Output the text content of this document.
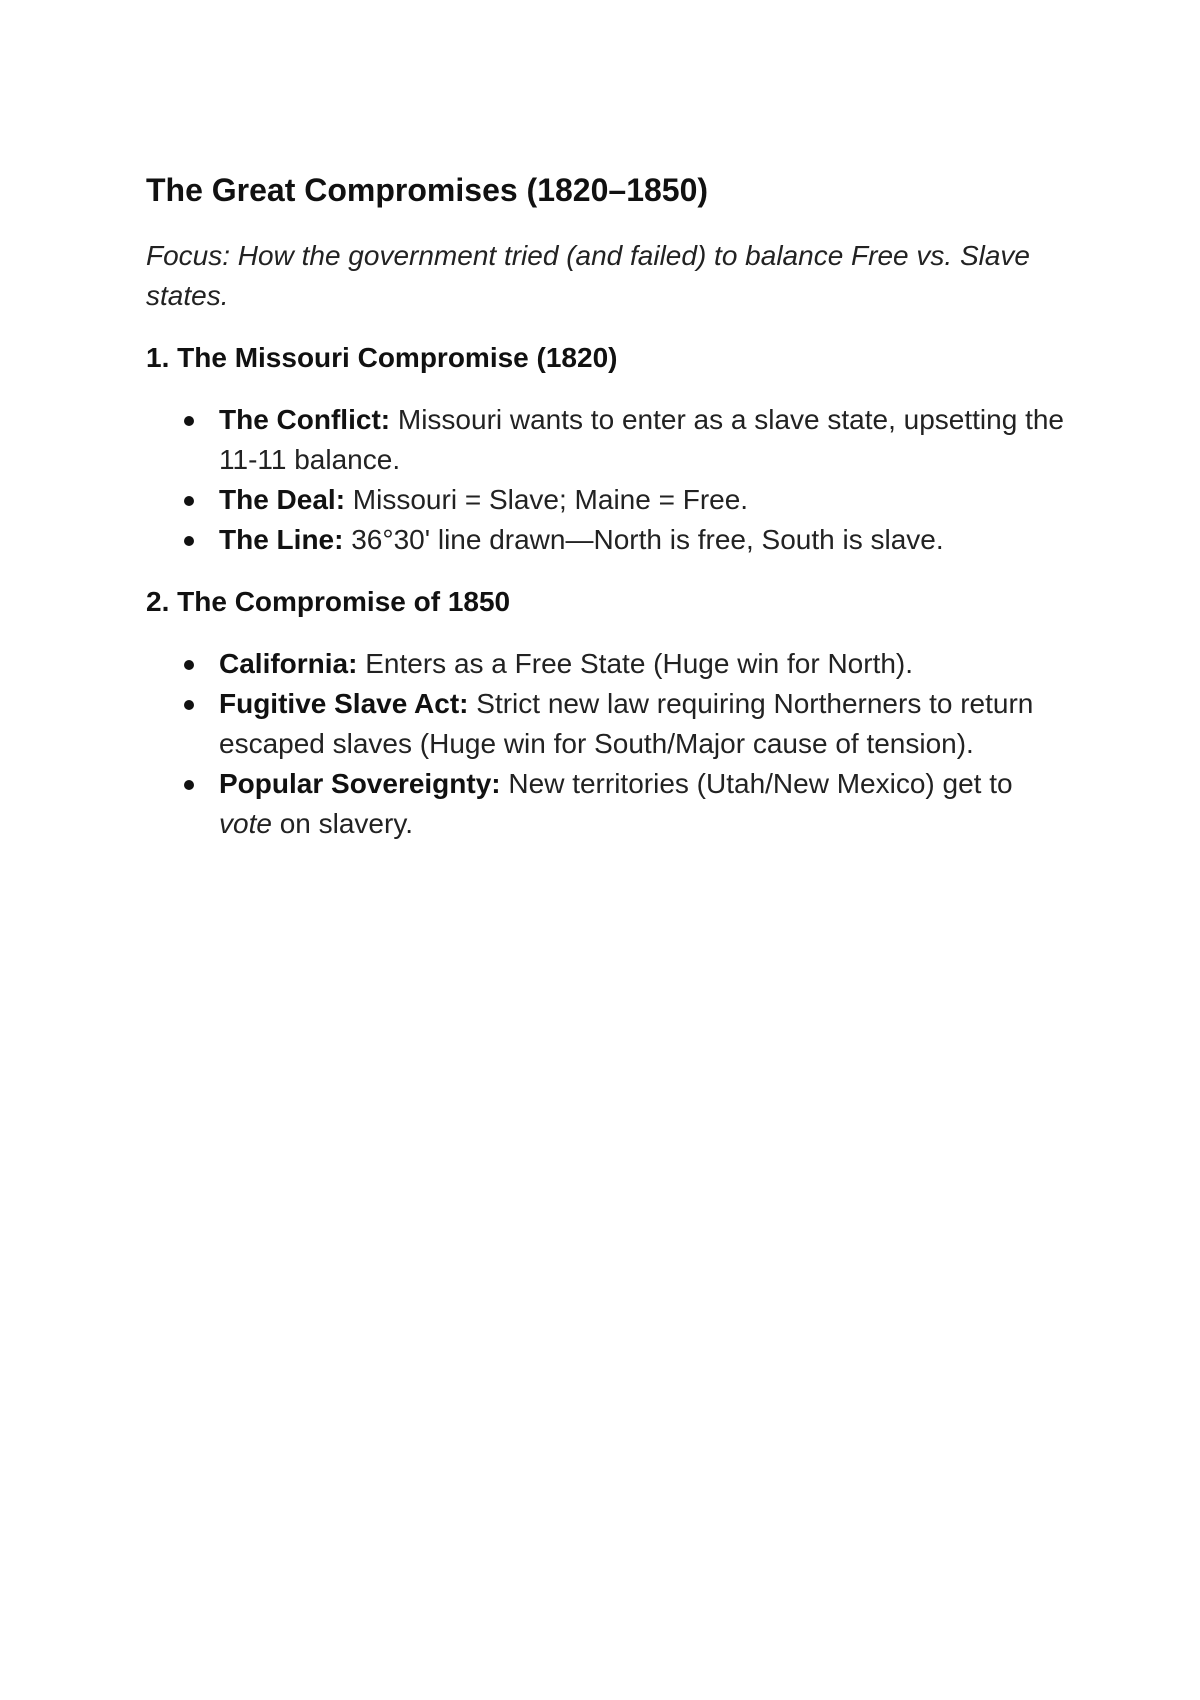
The Great Compromises (1820–1850)

Focus: How the government tried (and failed) to balance Free vs. Slave states.

1. The Missouri Compromise (1820)
The Conflict: Missouri wants to enter as a slave state, upsetting the 11-11 balance.
The Deal: Missouri = Slave; Maine = Free.
The Line: 36°30' line drawn—North is free, South is slave.
2. The Compromise of 1850
California: Enters as a Free State (Huge win for North).
Fugitive Slave Act: Strict new law requiring Northerners to return escaped slaves (Huge win for South/Major cause of tension).
Popular Sovereignty: New territories (Utah/New Mexico) get to vote on slavery.
